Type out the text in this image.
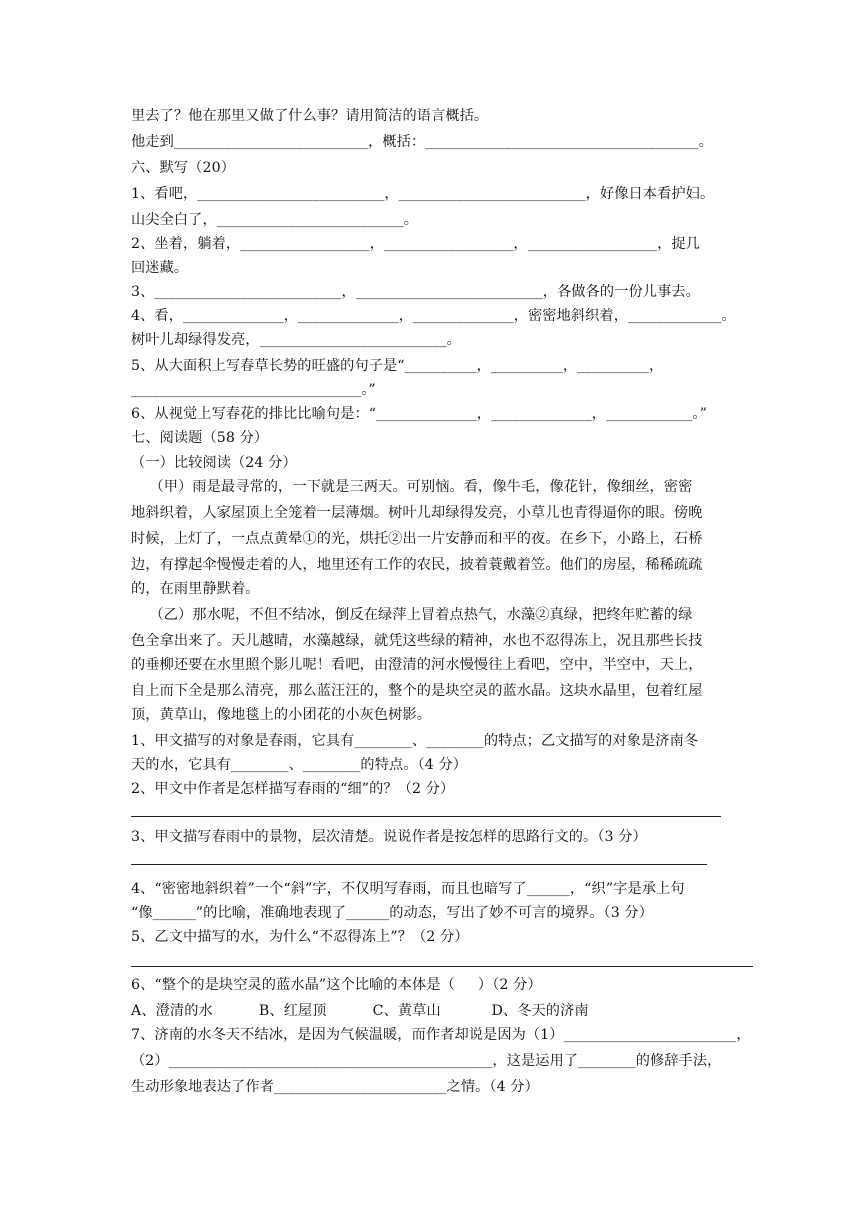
里去了？他在那里又做了什么事？请用简洁的语言概括。
他走到___________________________，概括：______________________________________。
六、默写（20）
1、看吧，__________________________，__________________________，好像日本看护妇。
山尖全白了，__________________________。
2、坐着，躺着，__________________，__________________，__________________，捉几
回迷藏。
3、__________________________，__________________________，各做各的一份儿事去。
4、看，______________，______________，______________，密密地斜织着，_____________。
树叶儿却绿得发亮，__________________________。
5、从大面积上写春草长势的旺盛的句子是“__________，__________，__________，
________________________________。”
6、从视觉上写春花的排比比喻句是：“______________，______________，____________。”
七、阅读题（58 分）
（一）比较阅读（24 分）
（甲）雨是最寻常的，一下就是三两天。可别恼。看，像牛毛，像花针，像细丝，密密
地斜织着，人家屋顶上全笼着一层薄烟。树叶儿却绿得发亮，小草儿也青得逼你的眼。傍晚
时候，上灯了，一点点黄晕①的光，烘托②出一片安静而和平的夜。在乡下，小路上，石桥
边，有撑起伞慢慢走着的人，地里还有工作的农民，披着蓑戴着笠。他们的房屋，稀稀疏疏
的，在雨里静默着。
（乙）那水呢，不但不结冰，倒反在绿萍上冒着点热气，水藻②真绿，把终年贮蓄的绿
色全拿出来了。天儿越晴，水藻越绿，就凭这些绿的精神，水也不忍得冻上，况且那些长技
的垂柳还要在水里照个影儿呢！看吧，由澄清的河水慢慢往上看吧，空中，半空中，天上，
自上而下全是那么清亮，那么蓝汪汪的，整个的是块空灵的蓝水晶。这块水晶里，包着红屋
顶，黄草山，像地毯上的小团花的小灰色树影。
1、甲文描写的对象是春雨，它具有________、________的特点；乙文描写的对象是济南冬
天的水，它具有________、________的特点。（4 分）
2、甲文中作者是怎样描写春雨的“细”的？（2 分）
3、甲文描写春雨中的景物，层次清楚。说说作者是按怎样的思路行文的。（3 分）
4、“密密地斜织着”一个“斜”字，不仅明写春雨，而且也暗写了______，“织”字是承上句
“像______”的比喻，准确地表现了______的动态，写出了妙不可言的境界。（3 分）
5、乙文中描写的水，为什么“不忍得冻上”？（2 分）
6、“整个的是块空灵的蓝水晶”这个比喻的本体是（     ）（2 分）
A、澄清的水          B、红屋顶          C、黄草山           D、冬天的济南
7、济南的水冬天不结冰，是因为气候温暖，而作者却说是因为（1）________________________，
（2）_____________________________________________，这是运用了________的修辞手法，
生动形象地表达了作者________________________之情。（4 分）
